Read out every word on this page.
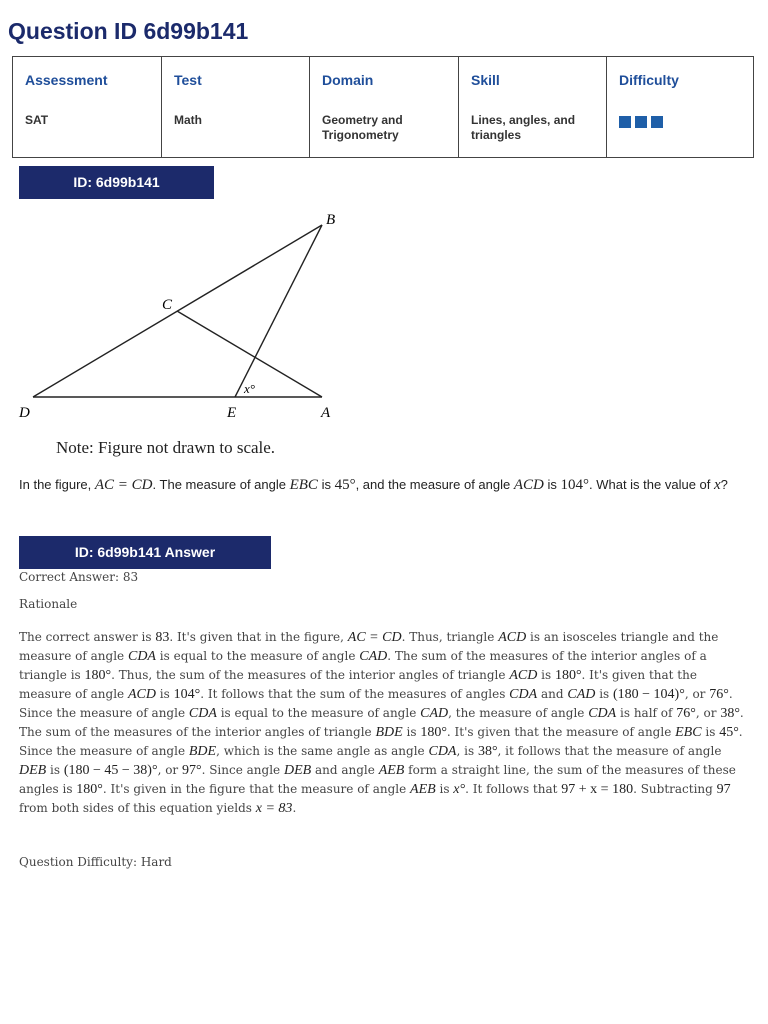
Question ID 6d99b141
Assessment
SAT

Test
Math

Domain
Geometry and
Trigonometry

Skill
Lines, angles, and
triangles

Difficulty
ID: 6d99b141
B
C
D	E	A
x°
Note: Figure not drawn to scale.
In the figure, AC = CD. The measure of angle EBC is 45°, and the measure of angle ACD is 104°. What is the value of x?
ID: 6d99b141 Answer
Correct Answer: 83
Rationale
The correct answer is 83. It's given that in the figure, AC = CD. Thus, triangle ACD is an isosceles triangle and the measure of angle CDA is equal to the measure of angle CAD. The sum of the measures of the interior angles of a triangle is 180°. Thus, the sum of the measures of the interior angles of triangle ACD is 180°. It's given that the measure of angle ACD is 104°. It follows that the sum of the measures of angles CDA and CAD is (180 − 104)°, or 76°. Since the measure of angle CDA is equal to the measure of angle CAD, the measure of angle CDA is half of 76°, or 38°. The sum of the measures of the interior angles of triangle BDE is 180°. It's given that the measure of angle EBC is 45°. Since the measure of angle BDE, which is the same angle as angle CDA, is 38°, it follows that the measure of angle DEB is (180 − 45 − 38)°, or 97°. Since angle DEB and angle AEB form a straight line, the sum of the measures of these angles is 180°. It's given in the figure that the measure of angle AEB is x°. It follows that 97 + x = 180. Subtracting 97 from both sides of this equation yields x = 83.
Question Difficulty: Hard
